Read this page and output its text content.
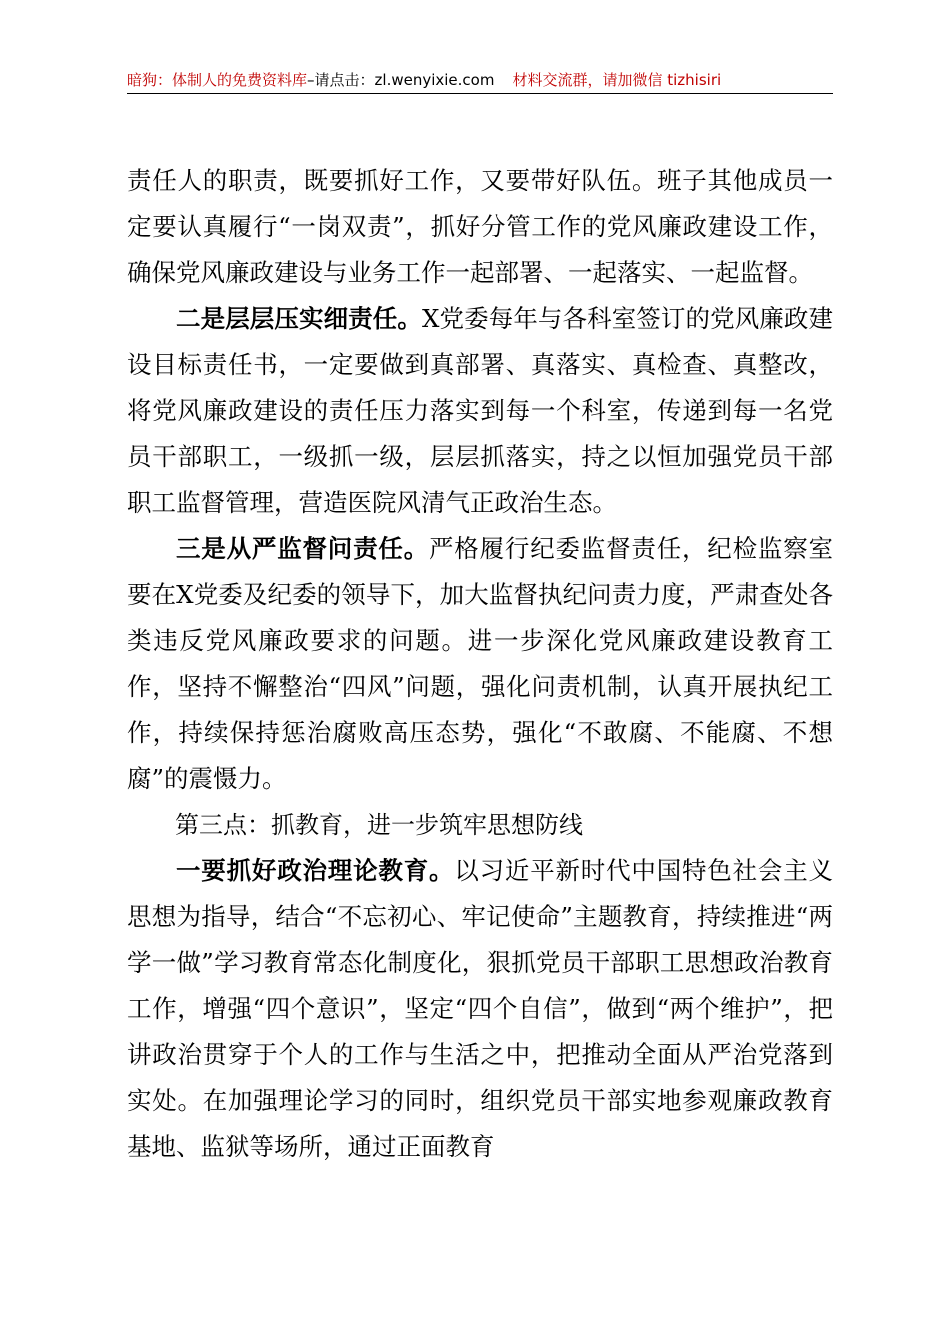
暗狗：体制人的免费资料库–请点击：zl.wenyixie.com 材料交流群，请加微信 tizhisiri

责任人的职责，既要抓好工作，又要带好队伍。班子其他成员一定要认真履行“一岗双责”，抓好分管工作的党风廉政建设工作，确保党风廉政建设与业务工作一起部署、一起落实、一起监督。

二是层层压实细责任。X党委每年与各科室签订的党风廉政建设目标责任书，一定要做到真部署、真落实、真检查、真整改，将党风廉政建设的责任压力落实到每一个科室，传递到每一名党员干部职工，一级抓一级，层层抓落实，持之以恒加强党员干部职工监督管理，营造医院风清气正政治生态。

三是从严监督问责任。严格履行纪委监督责任，纪检监察室要在X党委及纪委的领导下，加大监督执纪问责力度，严肃查处各类违反党风廉政要求的问题。进一步深化党风廉政建设教育工作，坚持不懈整治“四风”问题，强化问责机制，认真开展执纪工作，持续保持惩治腐败高压态势，强化“不敢腐、不能腐、不想腐”的震慑力。

第三点：抓教育，进一步筑牢思想防线

一要抓好政治理论教育。以习近平新时代中国特色社会主义思想为指导，结合“不忘初心、牢记使命”主题教育，持续推进“两学一做”学习教育常态化制度化，狠抓党员干部职工思想政治教育工作，增强“四个意识”，坚定“四个自信”，做到“两个维护”，把讲政治贯穿于个人的工作与生活之中，把推动全面从严治党落到实处。在加强理论学习的同时，组织党员干部实地参观廉政教育基地、监狱等场所，通过正面教育
